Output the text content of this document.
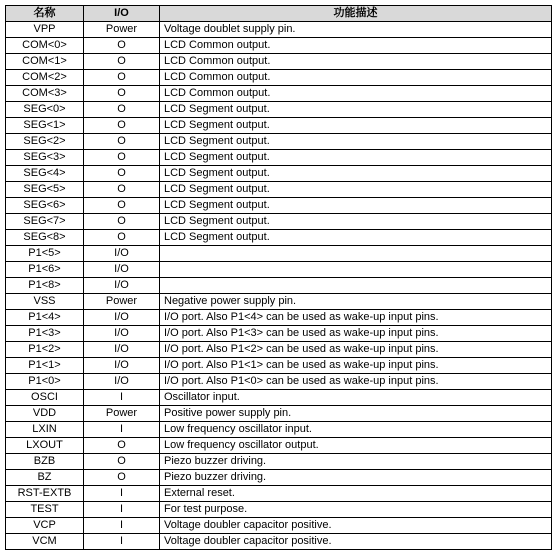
名称	I/O	功能描述
VPP	Power	Voltage doublet supply pin.
COM<0>	O	LCD Common output.
COM<1>	O	LCD Common output.
COM<2>	O	LCD Common output.
COM<3>	O	LCD Common output.
SEG<0>	O	LCD Segment output.
SEG<1>	O	LCD Segment output.
SEG<2>	O	LCD Segment output.
SEG<3>	O	LCD Segment output.
SEG<4>	O	LCD Segment output.
SEG<5>	O	LCD Segment output.
SEG<6>	O	LCD Segment output.
SEG<7>	O	LCD Segment output.
SEG<8>	O	LCD Segment output.
P1<5>	I/O	
P1<6>	I/O	
P1<8>	I/O	
VSS	Power	Negative power supply pin.
P1<4>	I/O	I/O port. Also P1<4> can be used as wake-up input pins.
P1<3>	I/O	I/O port. Also P1<3> can be used as wake-up input pins.
P1<2>	I/O	I/O port. Also P1<2> can be used as wake-up input pins.
P1<1>	I/O	I/O port. Also P1<1> can be used as wake-up input pins.
P1<0>	I/O	I/O port. Also P1<0> can be used as wake-up input pins.
OSCI	I	Oscillator input.
VDD	Power	Positive power supply pin.
LXIN	I	Low frequency oscillator input.
LXOUT	O	Low frequency oscillator output.
BZB	O	Piezo buzzer driving.
BZ	O	Piezo buzzer driving.
RST-EXTB	I	External reset.
TEST	I	For test purpose.
VCP	I	Voltage doubler capacitor positive.
VCM	I	Voltage doubler capacitor positive.
